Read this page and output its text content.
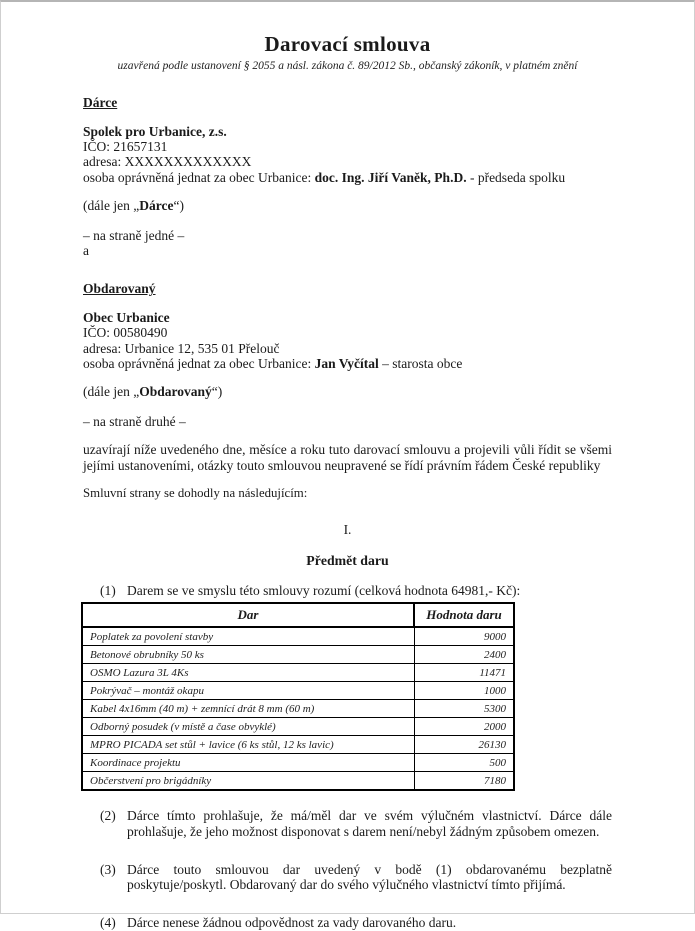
Darovací smlouva
uzavřená podle ustanovení § 2055 a násl. zákona č. 89/2012 Sb., občanský zákoník, v platném znění
Dárce
Spolek pro Urbanice, z.s.
IČO: 21657131
adresa: XXXXXXXXXXXXX
osoba oprávněná jednat za obec Urbanice: doc. Ing. Jiří Vaněk, Ph.D. - předseda spolku
(dále jen „Dárce“)
– na straně jedné –
a
Obdarovaný
Obec Urbanice
IČO: 00580490
adresa: Urbanice 12, 535 01 Přelouč
osoba oprávněná jednat za obec Urbanice: Jan Vyčítal – starosta obce
(dále jen „Obdarovaný“)
– na straně druhé –
uzavírají níže uvedeného dne, měsíce a roku tuto darovací smlouvu a projevili vůli řídit se všemi jejími ustanoveními, otázky touto smlouvou neupravené se řídí právním řádem České republiky
Smluvní strany se dohodly na následujícím:
I.
Předmět daru
(1) Darem se ve smyslu této smlouvy rozumí (celková hodnota 64981,- Kč):
Dar	Hodnota daru
Poplatek za povolení stavby	9000
Betonové obrubníky 50 ks	2400
OSMO Lazura 3L 4Ks	11471
Pokrývač – montáž okapu	1000
Kabel 4x16mm (40 m) + zemnící drát 8 mm (60 m)	5300
Odborný posudek (v místě a čase obvyklé)	2000
MPRO PICADA set stůl + lavice (6 ks stůl, 12 ks lavic)	26130
Koordinace projektu	500
Občerstvení pro brigádníky	7180
(2) Dárce tímto prohlašuje, že má/měl dar ve svém výlučném vlastnictví. Dárce dále prohlašuje, že jeho možnost disponovat s darem není/nebyl žádným způsobem omezen.
(3) Dárce touto smlouvou dar uvedený v bodě (1) obdarovanému bezplatně poskytuje/poskytl. Obdarovaný dar do svého výlučného vlastnictví tímto přijímá.
(4) Dárce nenese žádnou odpovědnost za vady darovaného daru.
